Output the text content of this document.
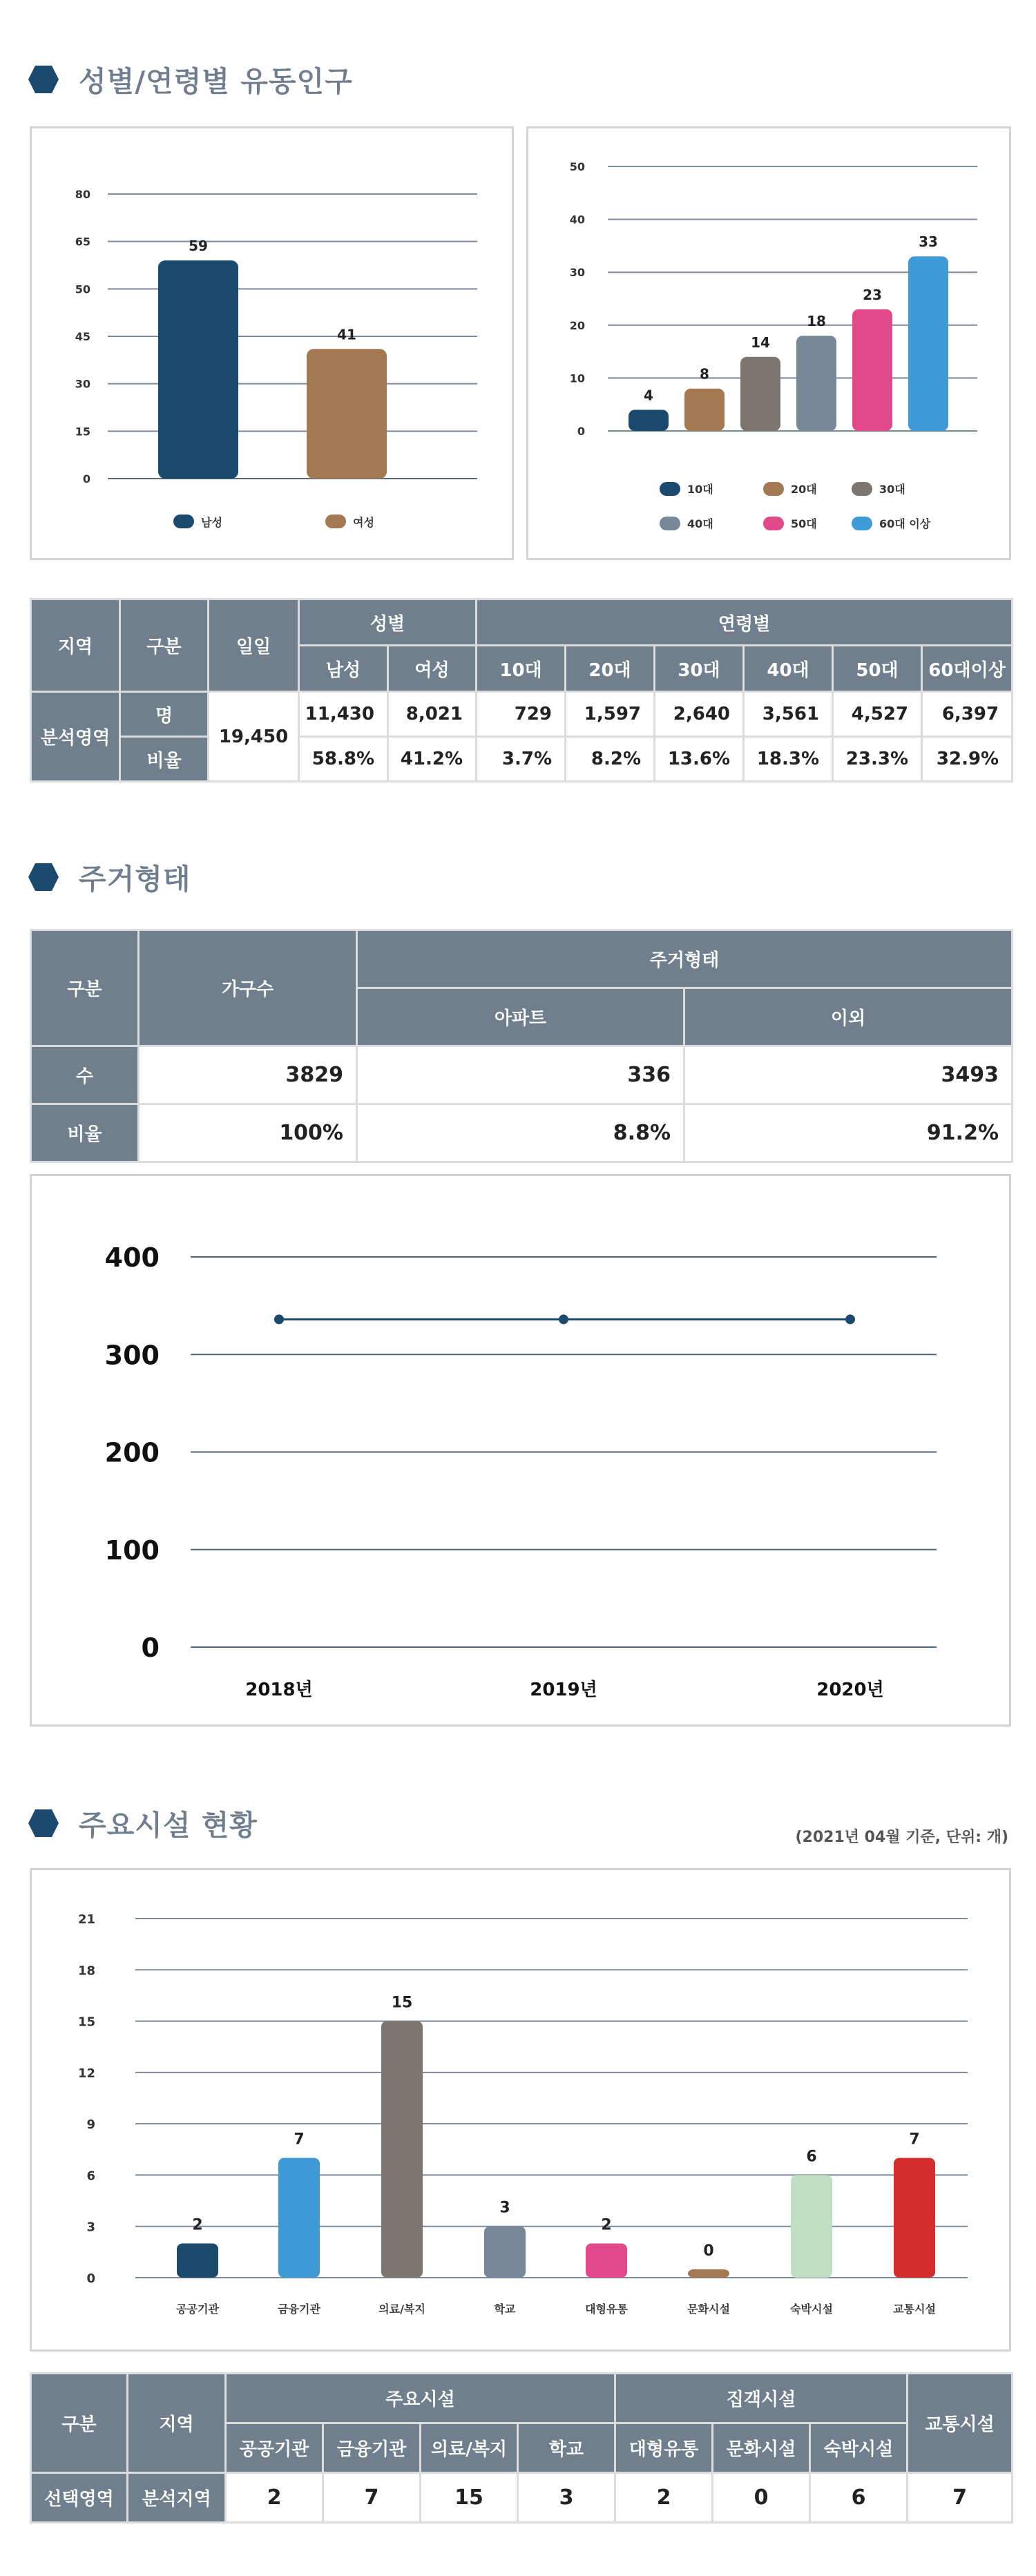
성별/연령별 유동인구
0
15
30
45
50
65
80
59
41
남성	여성
0
10
20
30
40
50
4
8
14
18
23
33
10대	20대	30대
40대	50대	60대 이상
지역	구분	일일	성별		연령별					
			남성	여성	10대	20대	30대	40대	50대	60대이상
분석영역	명	19,450	11,430	8,021	729	1,597	2,640	3,561	4,527	6,397
	비율		58.8%	41.2%	3.7%	8.2%	13.6%	18.3%	23.3%	32.9%
주거형태
구분	가구수	주거형태	
		아파트	이외
수	3829	336	3493
비율	100%	8.8%	91.2%
0
100
200
300
400
2018년	2019년	2020년
주요시설 현황	(2021년 04월 기준, 단위: 개)
0
3
6
9
12
15
18
21
2
공공기관
7
금융기관
15
의료/복지
3
학교
2
대형유통
0
문화시설
6
숙박시설
7
교통시설
구분	지역	주요시설				집객시설			교통시설
		공공기관	금융기관	의료/복지	학교	대형유통	문화시설	숙박시설	
선택영역	분석지역	2	7	15	3	2	0	6	7
